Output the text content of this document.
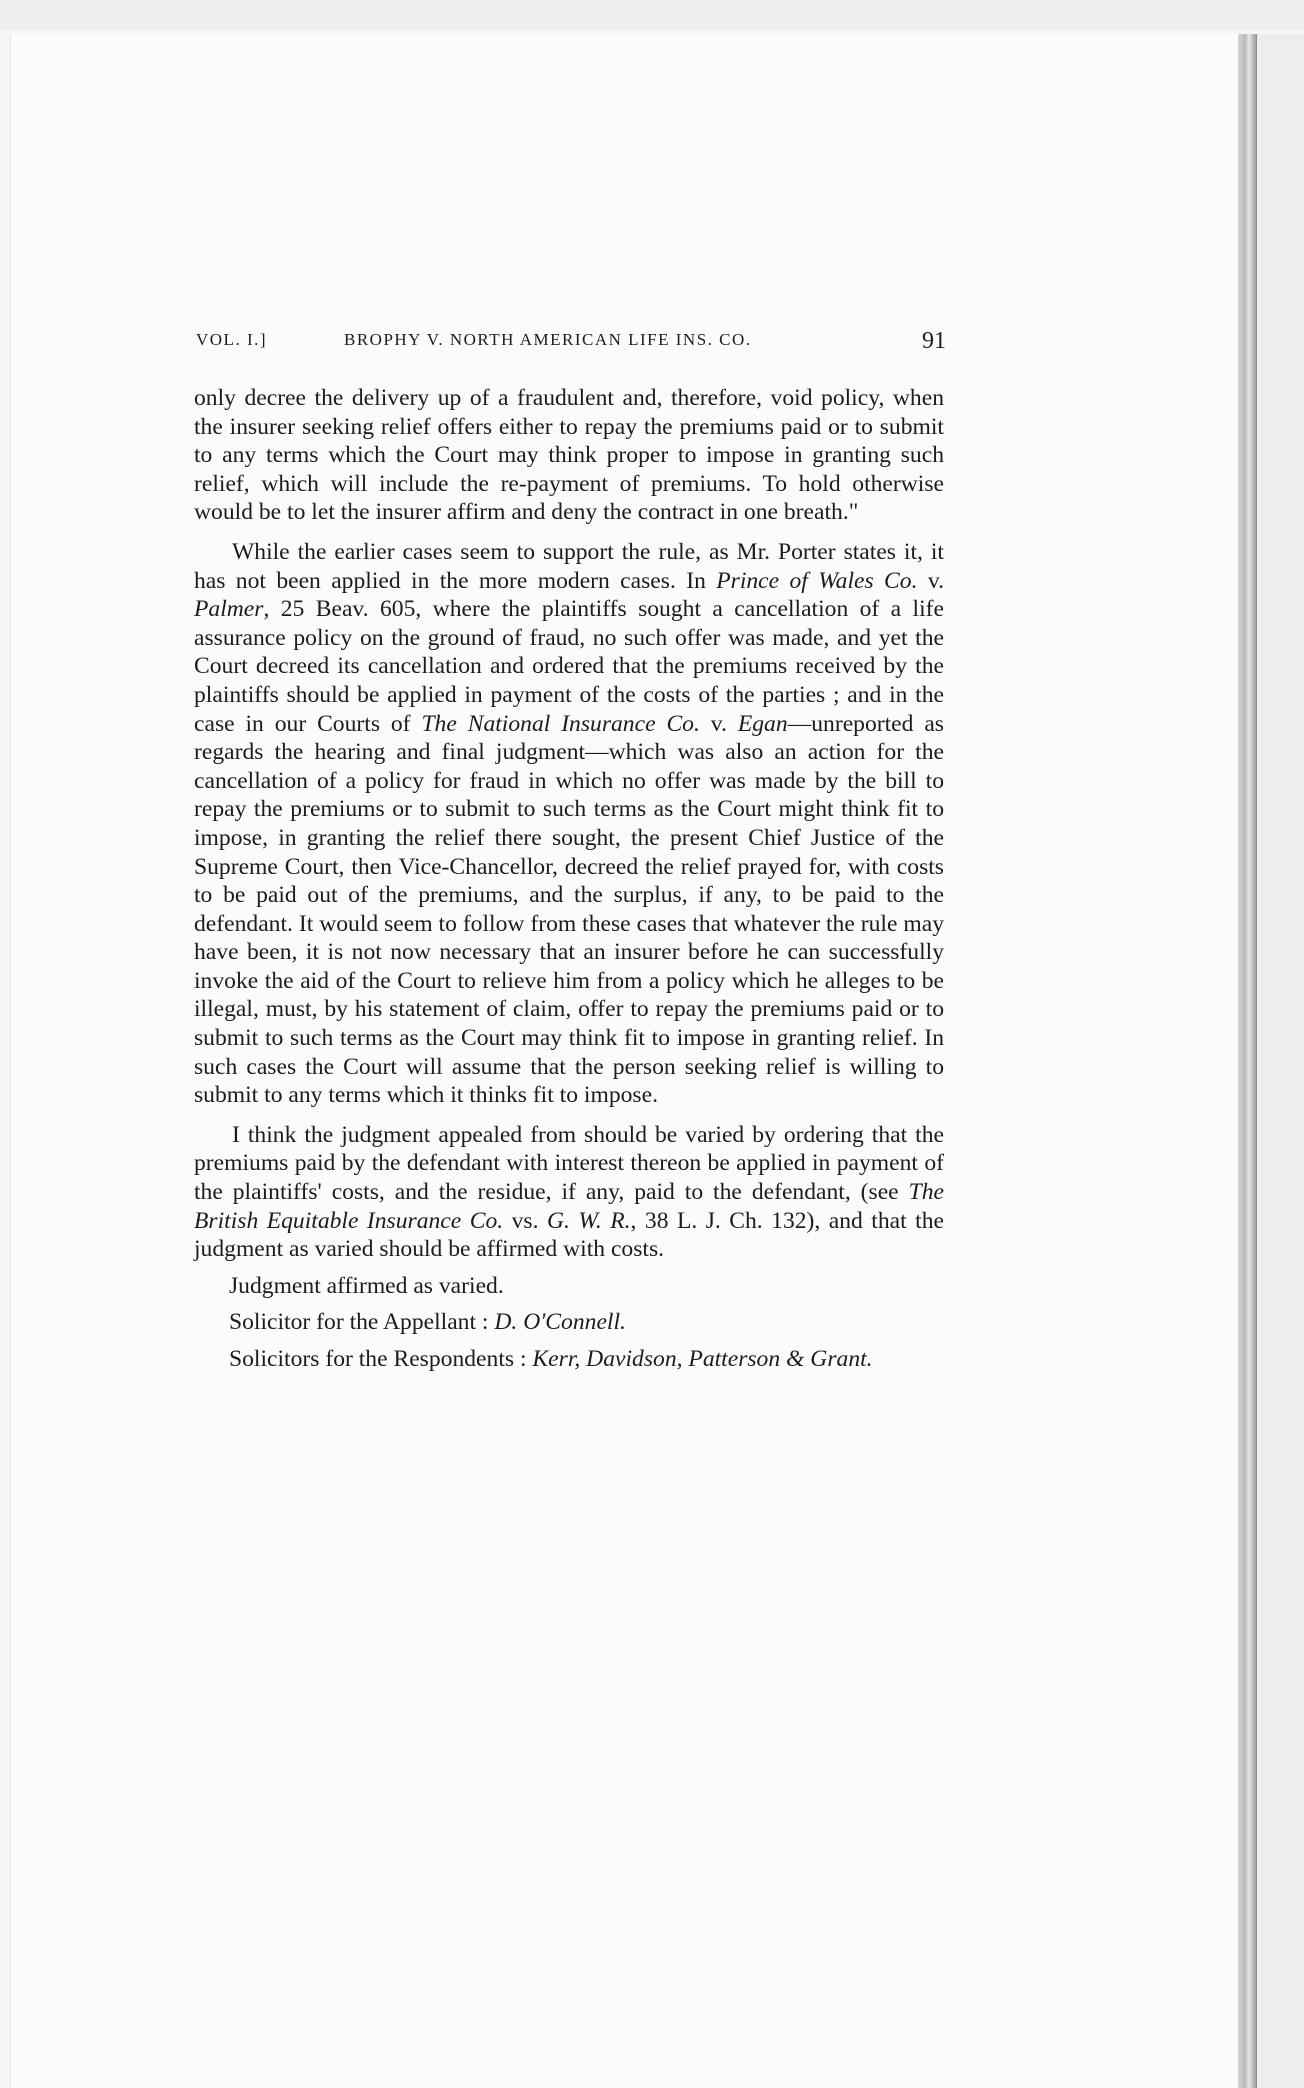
VOL. I.]	BROPHY V. NORTH AMERICAN LIFE INS. CO.	91

only decree the delivery up of a fraudulent and, therefore, void policy, when the insurer seeking relief offers either to repay the premiums paid or to submit to any terms which the Court may think proper to impose in granting such relief, which will include the re-payment of premiums. To hold otherwise would be to let the insurer affirm and deny the contract in one breath."

While the earlier cases seem to support the rule, as Mr. Porter states it, it has not been applied in the more modern cases. In Prince of Wales Co. v. Palmer, 25 Beav. 605, where the plaintiffs sought a cancellation of a life assurance policy on the ground of fraud, no such offer was made, and yet the Court decreed its cancellation and ordered that the premiums received by the plaintiffs should be applied in payment of the costs of the parties ; and in the case in our Courts of The National Insurance Co. v. Egan—unreported as regards the hearing and final judgment—which was also an action for the cancellation of a policy for fraud in which no offer was made by the bill to repay the premiums or to submit to such terms as the Court might think fit to impose, in granting the relief there sought, the present Chief Justice of the Supreme Court, then Vice-Chancellor, decreed the relief prayed for, with costs to be paid out of the premiums, and the surplus, if any, to be paid to the defendant. It would seem to follow from these cases that whatever the rule may have been, it is not now necessary that an insurer before he can successfully invoke the aid of the Court to relieve him from a policy which he alleges to be illegal, must, by his statement of claim, offer to repay the premiums paid or to submit to such terms as the Court may think fit to impose in granting relief. In such cases the Court will assume that the person seeking relief is willing to submit to any terms which it thinks fit to impose.

I think the judgment appealed from should be varied by ordering that the premiums paid by the defendant with interest thereon be applied in payment of the plaintiffs' costs, and the residue, if any, paid to the defendant, (see The British Equitable Insurance Co. vs. G. W. R., 38 L. J. Ch. 132), and that the judgment as varied should be affirmed with costs.

Judgment affirmed as varied.

Solicitor for the Appellant : D. O'Connell.

Solicitors for the Respondents : Kerr, Davidson, Patterson & Grant.
